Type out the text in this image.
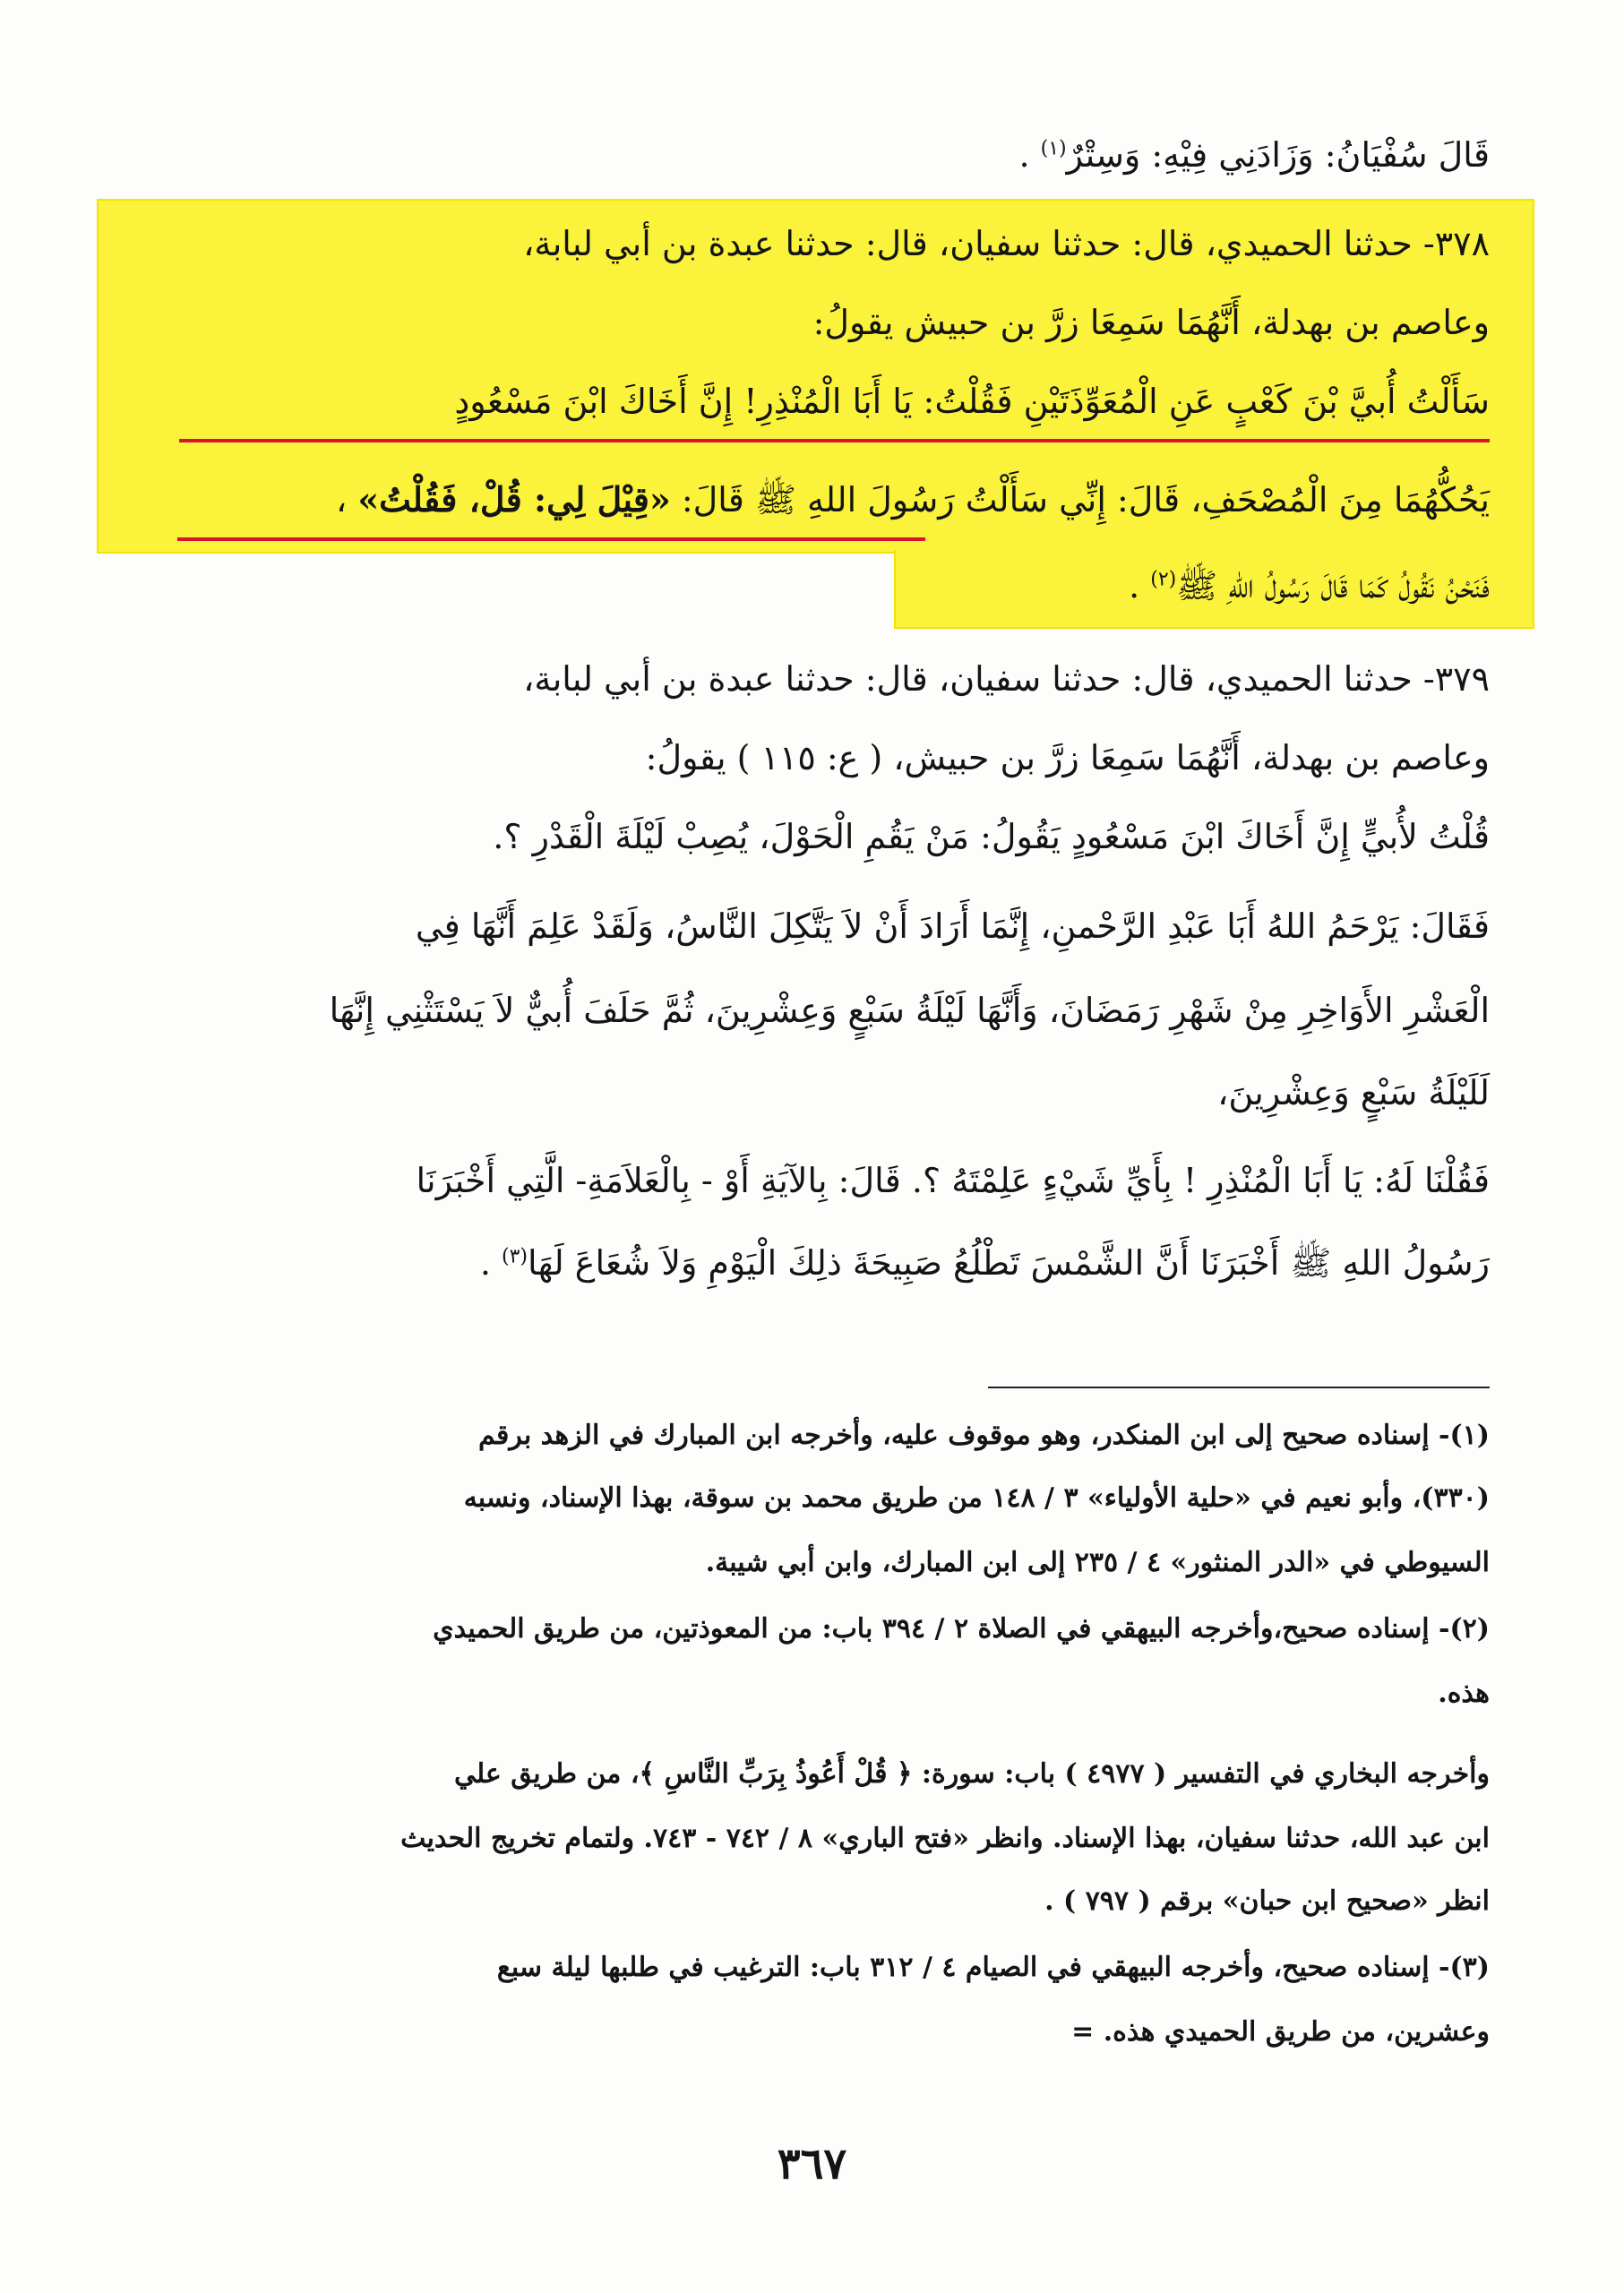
قَالَ سُفْيَانُ: وَزَادَنِي فِيْهِ: وَسِتْرٌ$^{(١)}$ .
٣٧٨- حدثنا الحميدي، قال: حدثنا سفيان، قال: حدثنا عبدة بن أبي لبابة،
وعاصم بن بهدلة، أَنَّهُمَا سَمِعَا زرَّ بن حبيش يقولُ:
سَأَلْتُ أُبيَّ بْنَ كَعْبٍ عَنِ الْمُعَوِّذَتَيْنِ فَقُلْتُ: يَا أَبَا الْمُنْذِرِ! إِنَّ أَخَاكَ ابْنَ مَسْعُودٍ
يَحُكُّهُمَا مِنَ الْمُصْحَفِ، قَالَ: إِنِّي سَأَلْتُ رَسُولَ اللهِ ﷺ قَالَ: «قِيْلَ لِي: قُلْ، فَقُلْتُ» ،
فَنَحْنُ نَقُولُ كَمَا قَالَ رَسُولُ اللهِ ﷺ$^{(٢)}$ .
٣٧٩- حدثنا الحميدي، قال: حدثنا سفيان، قال: حدثنا عبدة بن أبي لبابة،
وعاصم بن بهدلة، أَنَّهُمَا سَمِعَا زرَّ بن حبيش، ( ع: ١١٥ ) يقولُ:
قُلْتُ لأُبيٍّ إِنَّ أَخَاكَ ابْنَ مَسْعُودٍ يَقُولُ: مَنْ يَقُمِ الْحَوْلَ، يُصِبْ لَيْلَةَ الْقَدْرِ ؟.
فَقَالَ: يَرْحَمُ اللهُ أَبَا عَبْدِ الرَّحْمنِ، إِنَّمَا أَرَادَ أَنْ لاَ يَتَّكِلَ النَّاسُ، وَلَقَدْ عَلِمَ أَنَّهَا فِي
الْعَشْرِ الأَوَاخِرِ مِنْ شَهْرِ رَمَضَانَ، وَأَنَّهَا لَيْلَةُ سَبْعٍ وَعِشْرِينَ، ثُمَّ حَلَفَ أُبيٌّ لاَ يَسْتَثْنِي إِنَّهَا
لَلَيْلَةُ سَبْعٍ وَعِشْرِينَ،
فَقُلْنَا لَهُ: يَا أَبَا الْمُنْذِرِ ! بِأَيِّ شَيْءٍ عَلِمْتَهُ ؟. قَالَ: بِالآيَةِ أَوْ - بِالْعَلاَمَةِ- الَّتِي أَخْبَرَنَا
رَسُولُ اللهِ ﷺ أَخْبَرَنَا أَنَّ الشَّمْسَ تَطْلُعُ صَبِيحَةَ ذلِكَ الْيَوْمِ وَلاَ شُعَاعَ لَهَا$^{(٣)}$ .
(١)- إسناده صحيح إلى ابن المنكدر، وهو موقوف عليه، وأخرجه ابن المبارك في الزهد برقم
(٣٣٠)، وأبو نعيم في «حلية الأولياء» ٣ / ١٤٨ من طريق محمد بن سوقة، بهذا الإسناد، ونسبه
السيوطي في «الدر المنثور» ٤ / ٢٣٥ إلى ابن المبارك، وابن أبي شيبة.
(٢)- إسناده صحيح،وأخرجه البيهقي في الصلاة ٢ / ٣٩٤ باب: من المعوذتين، من طريق الحميدي
هذه.
وأخرجه البخاري في التفسير ( ٤٩٧٧ ) باب: سورة: ﴿ قُلْ أَعُوذُ بِرَبِّ النَّاسِ ﴾، من طريق علي
ابن عبد الله، حدثنا سفيان، بهذا الإسناد. وانظر «فتح الباري» ٨ / ٧٤٢ - ٧٤٣. ولتمام تخريج الحديث
انظر «صحيح ابن حبان» برقم ( ٧٩٧ ) .
(٣)- إسناده صحيح، وأخرجه البيهقي في الصيام ٤ / ٣١٢ باب: الترغيب في طلبها ليلة سبع
وعشرين، من طريق الحميدي هذه. =
٣٦٧
